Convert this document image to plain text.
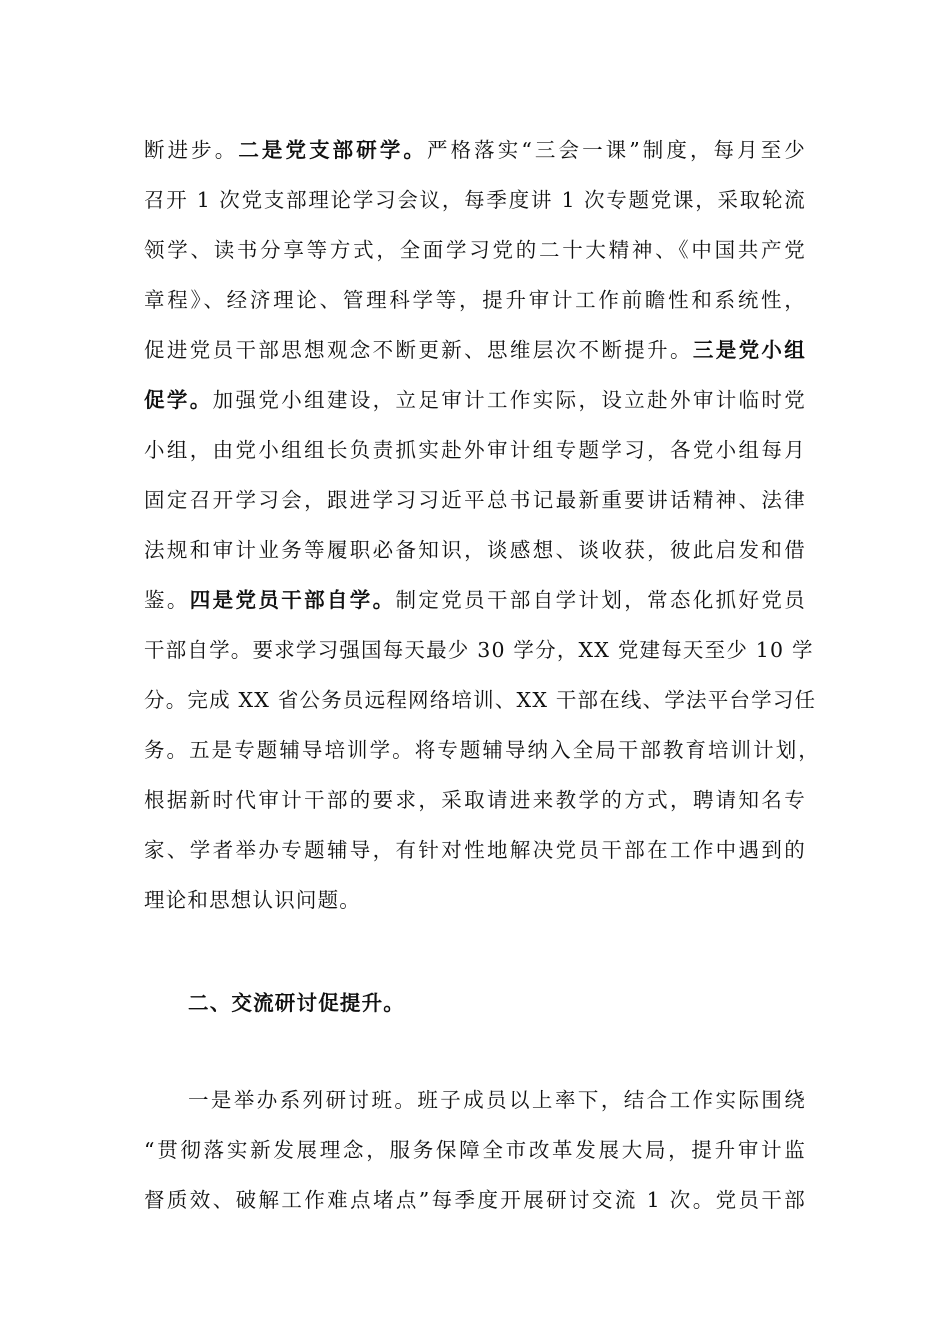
断进步。二是党支部研学。严格落实“三会一课”制度，每月至少
召开 1 次党支部理论学习会议，每季度讲 1 次专题党课，采取轮流
领学、读书分享等方式，全面学习党的二十大精神、《中国共产党
章程》、经济理论、管理科学等，提升审计工作前瞻性和系统性，
促进党员干部思想观念不断更新、思维层次不断提升。三是党小组
促学。加强党小组建设，立足审计工作实际，设立赴外审计临时党
小组，由党小组组长负责抓实赴外审计组专题学习，各党小组每月
固定召开学习会，跟进学习习近平总书记最新重要讲话精神、法律
法规和审计业务等履职必备知识，谈感想、谈收获，彼此启发和借
鉴。四是党员干部自学。制定党员干部自学计划，常态化抓好党员
干部自学。要求学习强国每天最少 30 学分，XX 党建每天至少 10 学
分。完成 XX 省公务员远程网络培训、XX 干部在线、学法平台学习任
务。五是专题辅导培训学。将专题辅导纳入全局干部教育培训计划，
根据新时代审计干部的要求，采取请进来教学的方式，聘请知名专
家、学者举办专题辅导，有针对性地解决党员干部在工作中遇到的
理论和思想认识问题。
二、交流研讨促提升。
一是举办系列研讨班。班子成员以上率下，结合工作实际围绕
“贯彻落实新发展理念，服务保障全市改革发展大局，提升审计监
督质效、破解工作难点堵点”每季度开展研讨交流 1 次。党员干部
